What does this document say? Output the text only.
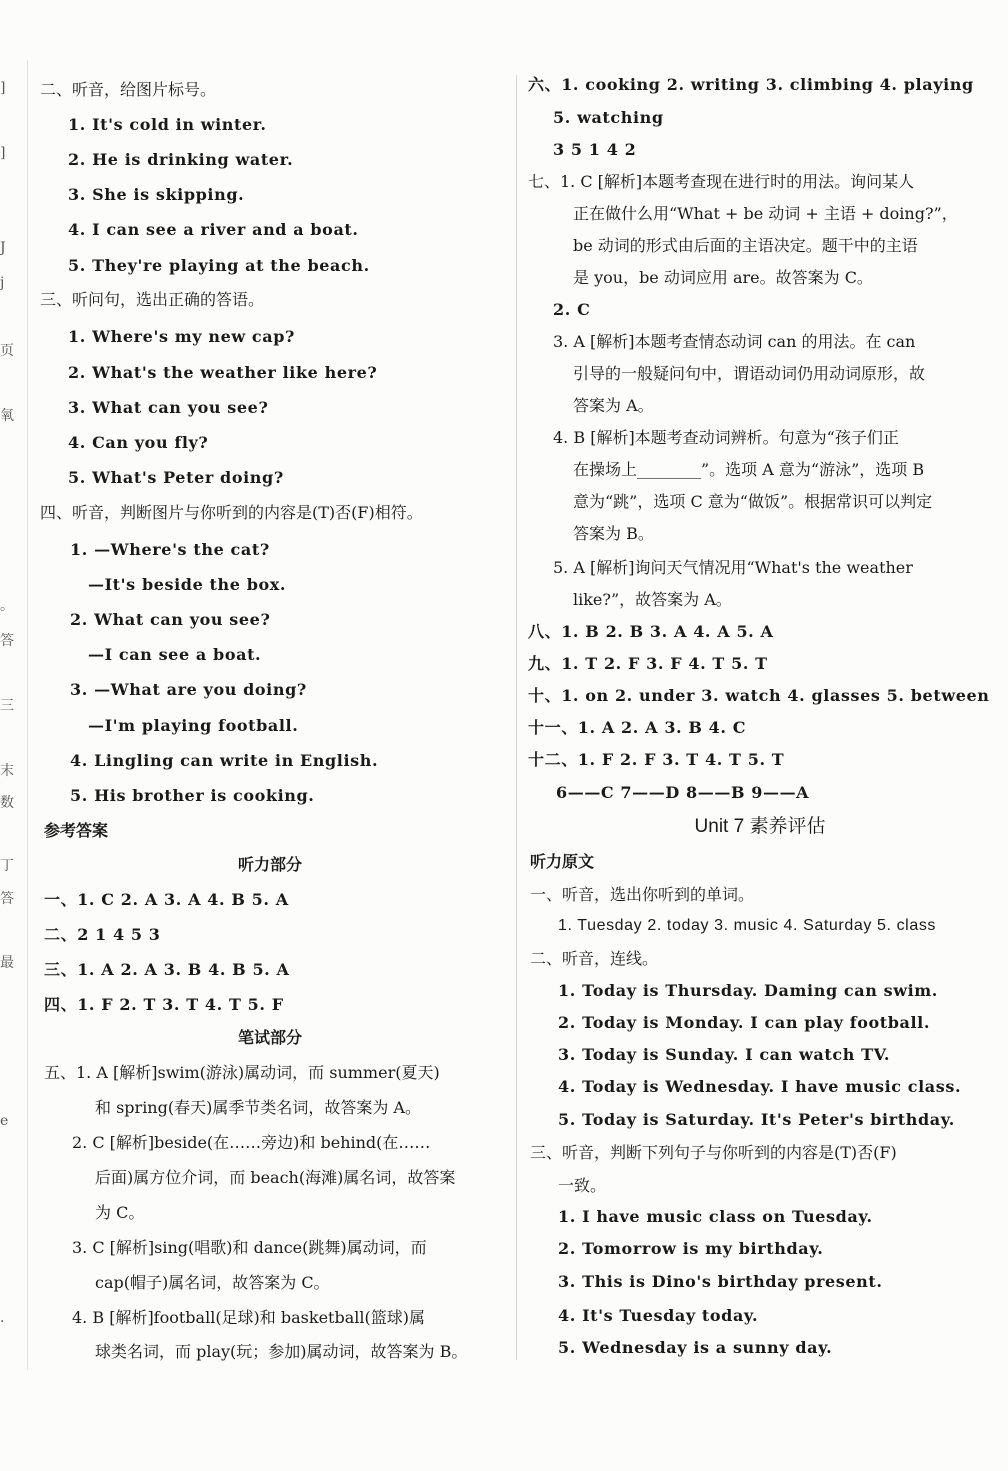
]
]
J
j
页
氧
。
答
三
末
数
丁
答
最
e
.
二、听音，给图片标号。
1. It's cold in winter.
2. He is drinking water.
3. She is skipping.
4. I can see a river and a boat.
5. They're playing at the beach.
三、听问句，选出正确的答语。
1. Where's my new cap?
2. What's the weather like here?
3. What can you see?
4. Can you fly?
5. What's Peter doing?
四、听音，判断图片与你听到的内容是(T)否(F)相符。
1. —Where's the cat?
—It's beside the box.
2. What can you see?
—I can see a boat.
3. —What are you doing?
—I'm playing football.
4. Lingling can write in English.
5. His brother is cooking.
参考答案
听力部分
一、1. C 2. A 3. A 4. B 5. A
二、2 1 4 5 3
三、1. A 2. A 3. B 4. B 5. A
四、1. F 2. T 3. T 4. T 5. F
笔试部分
五、1. A [解析]swim(游泳)属动词，而 summer(夏天)
和 spring(春天)属季节类名词，故答案为 A。
2. C [解析]beside(在……旁边)和 behind(在……
后面)属方位介词，而 beach(海滩)属名词，故答案
为 C。
3. C [解析]sing(唱歌)和 dance(跳舞)属动词，而
cap(帽子)属名词，故答案为 C。
4. B [解析]football(足球)和 basketball(篮球)属
球类名词，而 play(玩；参加)属动词，故答案为 B。
六、1. cooking 2. writing 3. climbing 4. playing
5. watching
3 5 1 4 2
七、1. C [解析]本题考查现在进行时的用法。询问某人
正在做什么用“What + be 动词 + 主语 + doing?”，
be 动词的形式由后面的主语决定。题干中的主语
是 you，be 动词应用 are。故答案为 C。
2. C
3. A [解析]本题考查情态动词 can 的用法。在 can
引导的一般疑问句中，谓语动词仍用动词原形，故
答案为 A。
4. B [解析]本题考查动词辨析。句意为“孩子们正
在操场上________”。选项 A 意为“游泳”，选项 B
意为“跳”，选项 C 意为“做饭”。根据常识可以判定
答案为 B。
5. A [解析]询问天气情况用“What's the weather
like?”，故答案为 A。
八、1. B 2. B 3. A 4. A 5. A
九、1. T 2. F 3. F 4. T 5. T
十、1. on 2. under 3. watch 4. glasses 5. between
十一、1. A 2. A 3. B 4. C
十二、1. F 2. F 3. T 4. T 5. T
6——C 7——D 8——B 9——A
Unit 7 素养评估
听力原文
一、听音，选出你听到的单词。
1. Tuesday 2. today 3. music 4. Saturday 5. class
二、听音，连线。
1. Today is Thursday. Daming can swim.
2. Today is Monday. I can play football.
3. Today is Sunday. I can watch TV.
4. Today is Wednesday. I have music class.
5. Today is Saturday. It's Peter's birthday.
三、听音，判断下列句子与你听到的内容是(T)否(F)
一致。
1. I have music class on Tuesday.
2. Tomorrow is my birthday.
3. This is Dino's birthday present.
4. It's Tuesday today.
5. Wednesday is a sunny day.
